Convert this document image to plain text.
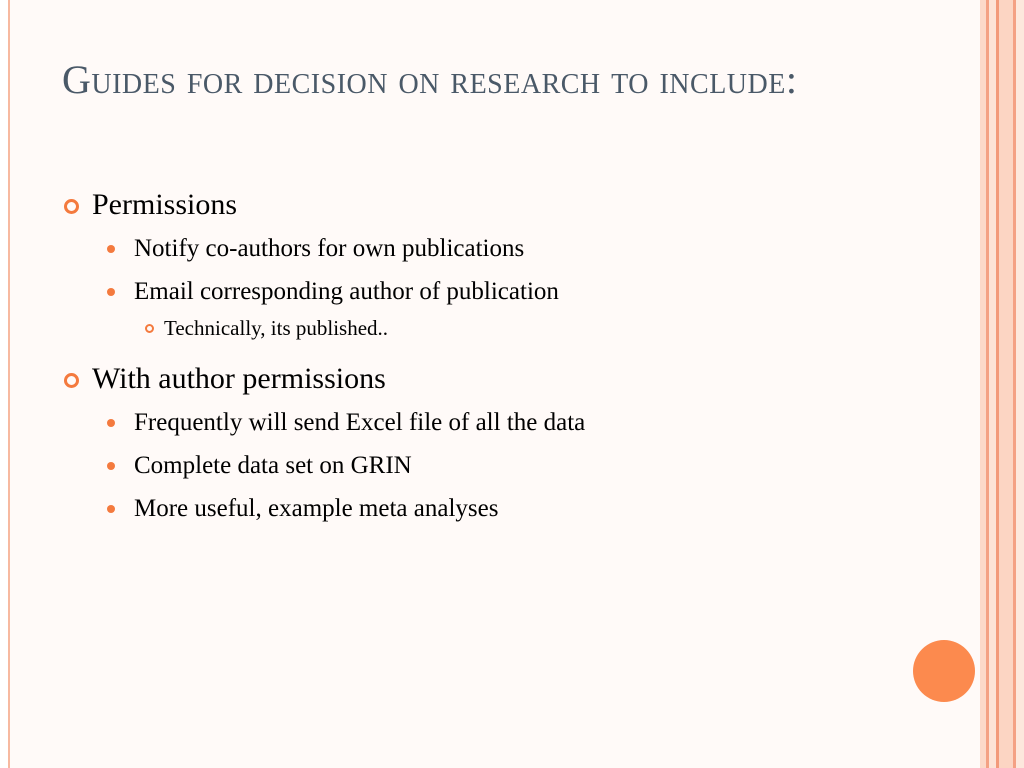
Guides for decision on research to include:
Permissions
Notify co-authors for own publications
Email corresponding author of publication
Technically, its published..
With author permissions
Frequently will send Excel file of all the data
Complete data set on GRIN
More useful, example meta analyses
